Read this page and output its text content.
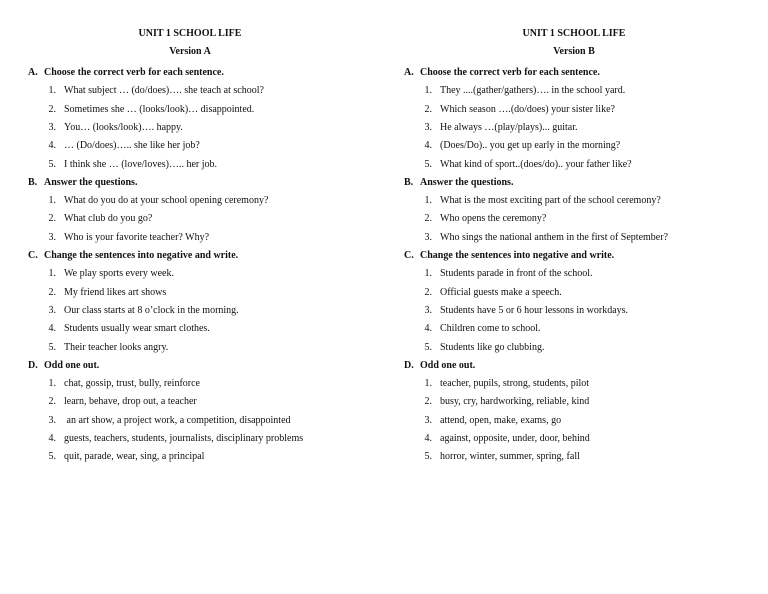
UNIT 1 SCHOOL LIFE
Version A
A. Choose the correct verb for each sentence.
1. What subject … (do/does)…. she teach at school?
2. Sometimes she … (looks/look)… disappointed.
3. You… (looks/look)…. happy.
4. … (Do/does)….. she like her job?
5. I think she … (love/loves)….. her job.
B. Answer the questions.
1. What do you do at your school opening ceremony?
2. What club do you go?
3. Who is your favorite teacher? Why?
C. Change the sentences into negative and write.
1. We play sports every week.
2. My friend likes art shows
3. Our class starts at 8 o’clock in the morning.
4. Students usually wear smart clothes.
5. Their teacher looks angry.
D. Odd one out.
1. chat, gossip, trust, bully, reinforce
2. learn, behave, drop out, a teacher
3. an art show, a project work, a competition, disappointed
4. guests, teachers, students, journalists, disciplinary problems
5. quit, parade, wear, sing, a principal
UNIT 1 SCHOOL LIFE
Version B
A. Choose the correct verb for each sentence.
1. They ....(gather/gathers)…. in the school yard.
2. Which season ….(do/does) your sister like?
3. He always …(play/plays)... guitar.
4. (Does/Do).. you get up early in the morning?
5. What kind of sport..(does/do).. your father like?
B. Answer the questions.
1. What is the most exciting part of the school ceremony?
2. Who opens the ceremony?
3. Who sings the national anthem in the first of September?
C. Change the sentences into negative and write.
1. Students parade in front of the school.
2. Official guests make a speech.
3. Students have 5 or 6 hour lessons in workdays.
4. Children come to school.
5. Students like go clubbing.
D. Odd one out.
1. teacher, pupils, strong, students, pilot
2. busy, cry, hardworking, reliable, kind
3. attend, open, make, exams, go
4. against, opposite, under, door, behind
5. horror, winter, summer, spring, fall
